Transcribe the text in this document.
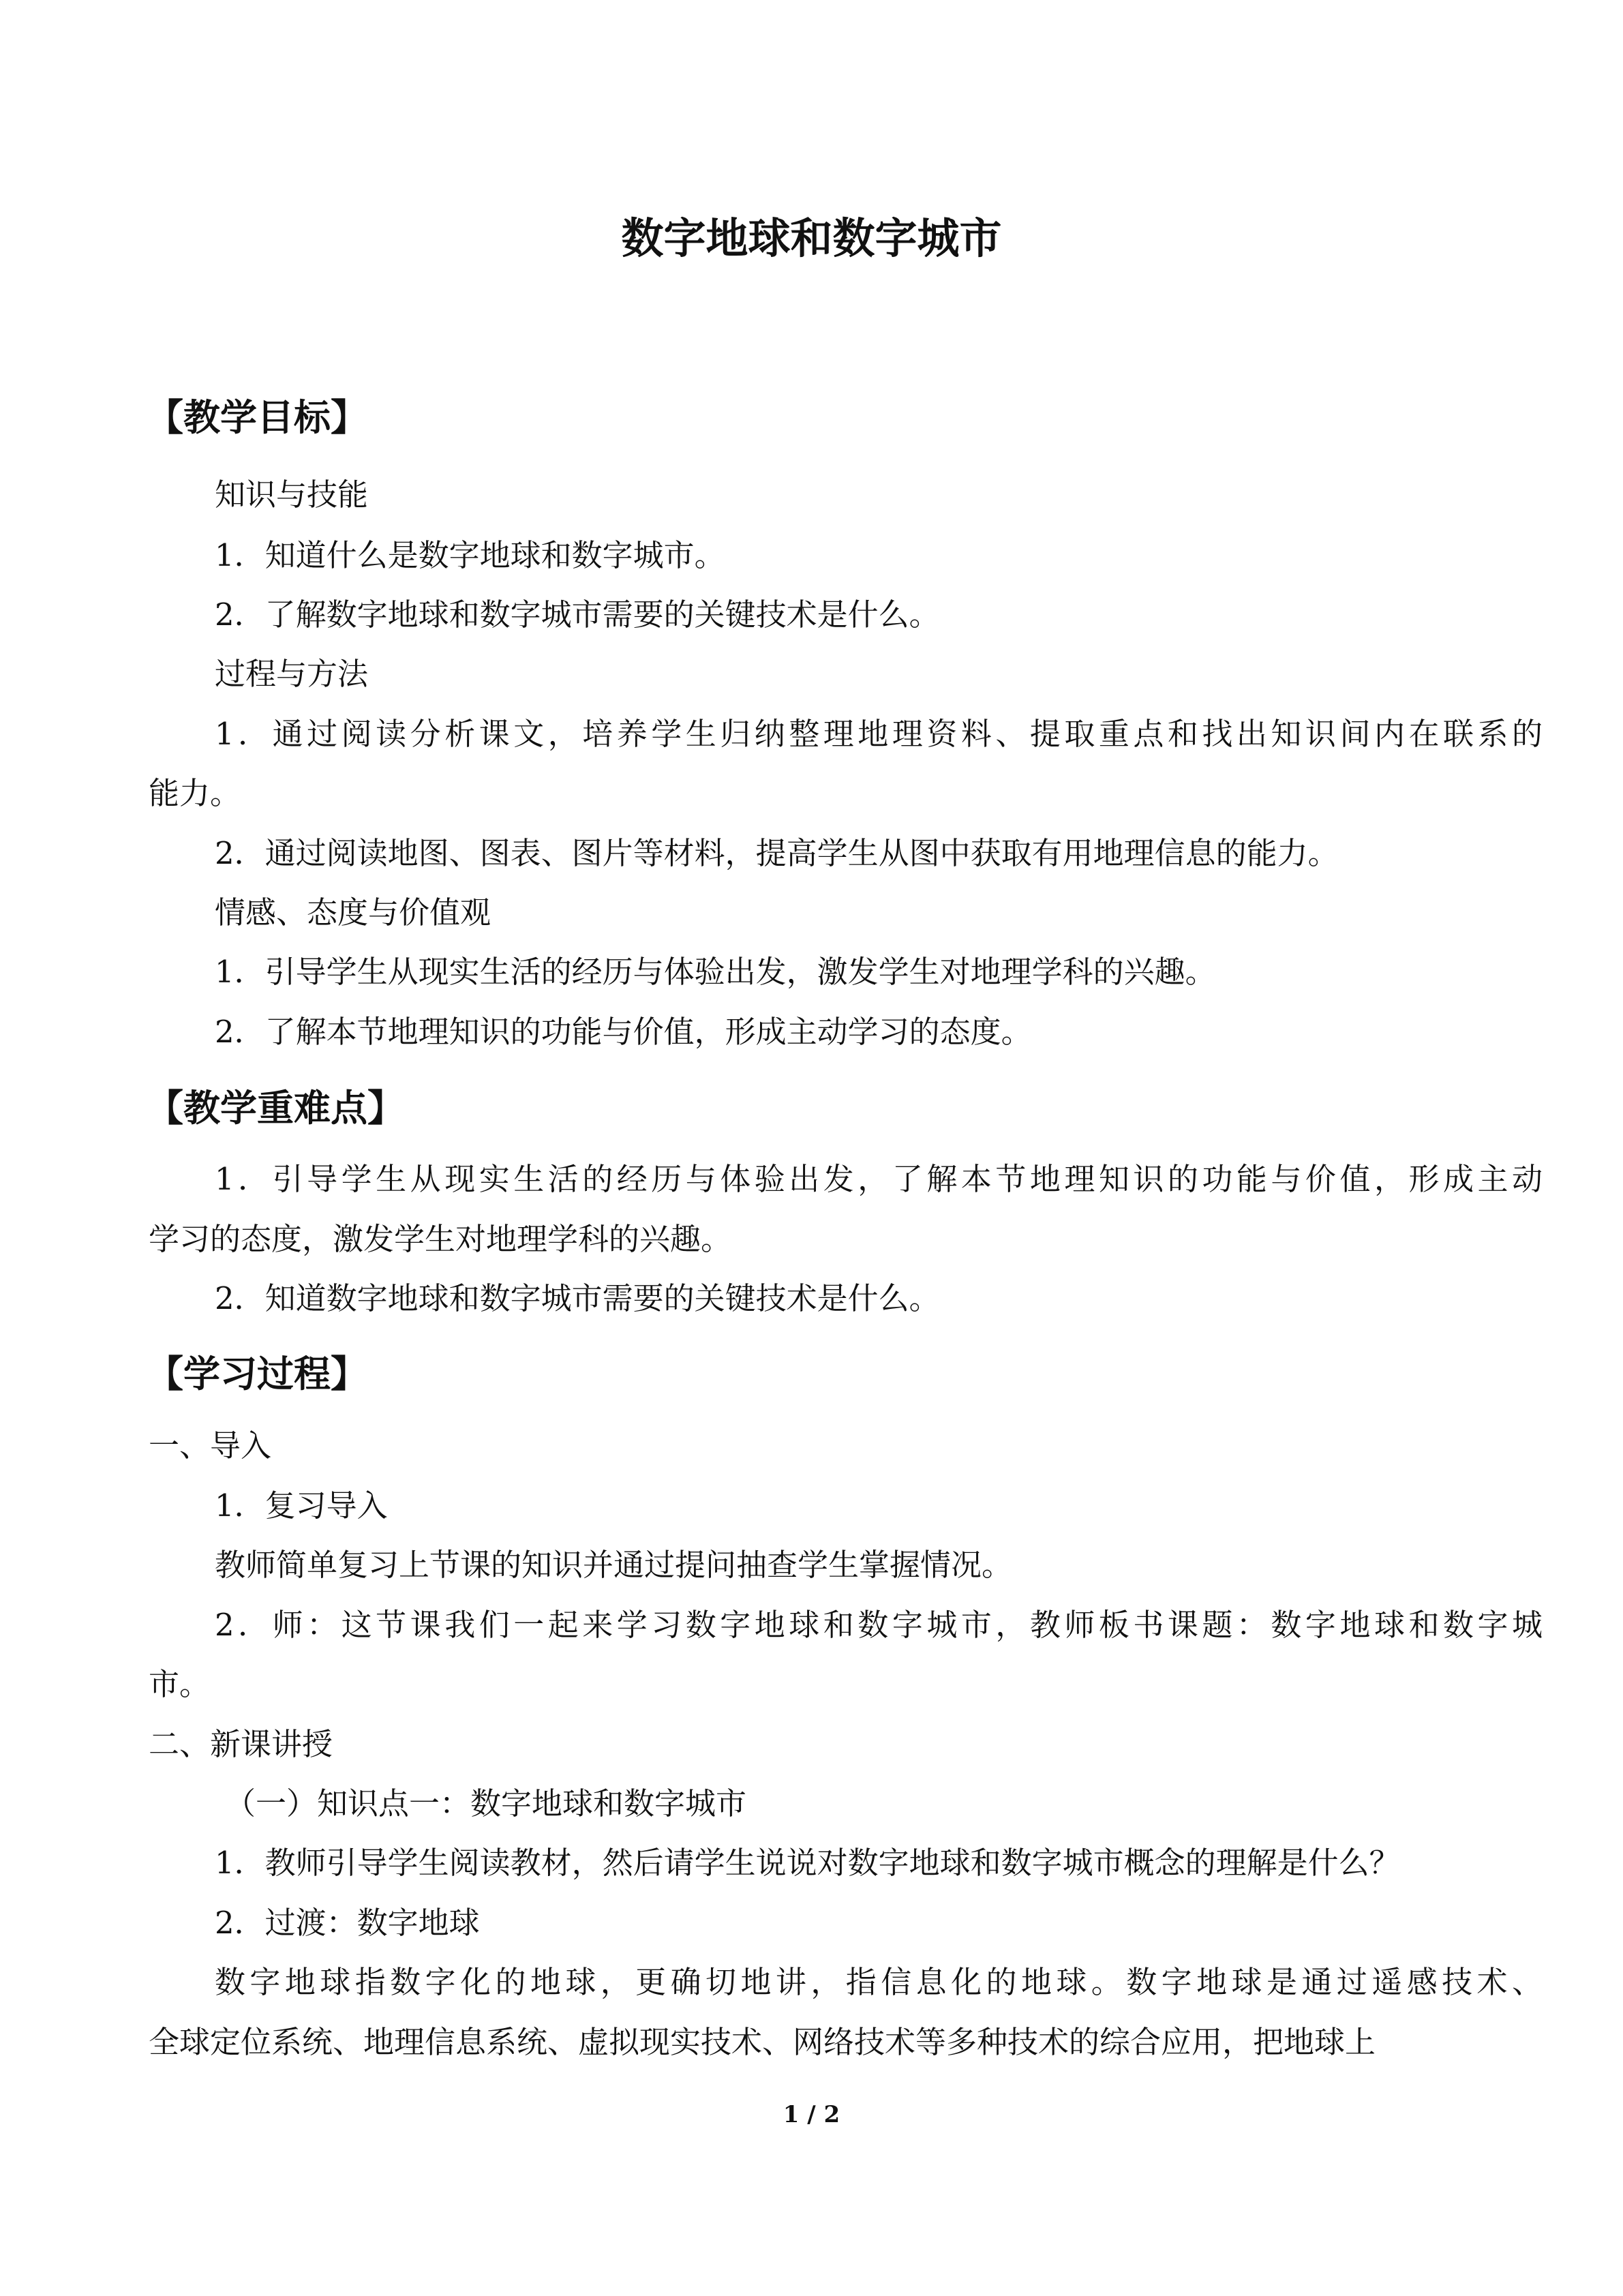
数字地球和数字城市
【教学目标】
知识与技能
1．知道什么是数字地球和数字城市。
2．了解数字地球和数字城市需要的关键技术是什么。
过程与方法
1．通过阅读分析课文，培养学生归纳整理地理资料、提取重点和找出知识间内在联系的
能力。
2．通过阅读地图、图表、图片等材料，提高学生从图中获取有用地理信息的能力。
情感、态度与价值观
1．引导学生从现实生活的经历与体验出发，激发学生对地理学科的兴趣。
2．了解本节地理知识的功能与价值，形成主动学习的态度。
【教学重难点】
1．引导学生从现实生活的经历与体验出发，了解本节地理知识的功能与价值，形成主动
学习的态度，激发学生对地理学科的兴趣。
2．知道数字地球和数字城市需要的关键技术是什么。
【学习过程】
一、导入
1．复习导入
教师简单复习上节课的知识并通过提问抽查学生掌握情况。
2．师：这节课我们一起来学习数字地球和数字城市，教师板书课题：数字地球和数字城
市。
二、新课讲授
（一）知识点一：数字地球和数字城市
1．教师引导学生阅读教材，然后请学生说说对数字地球和数字城市概念的理解是什么？
2．过渡：数字地球
数字地球指数字化的地球，更确切地讲，指信息化的地球。数字地球是通过遥感技术、
全球定位系统、地理信息系统、虚拟现实技术、网络技术等多种技术的综合应用，把地球上
1 / 2
